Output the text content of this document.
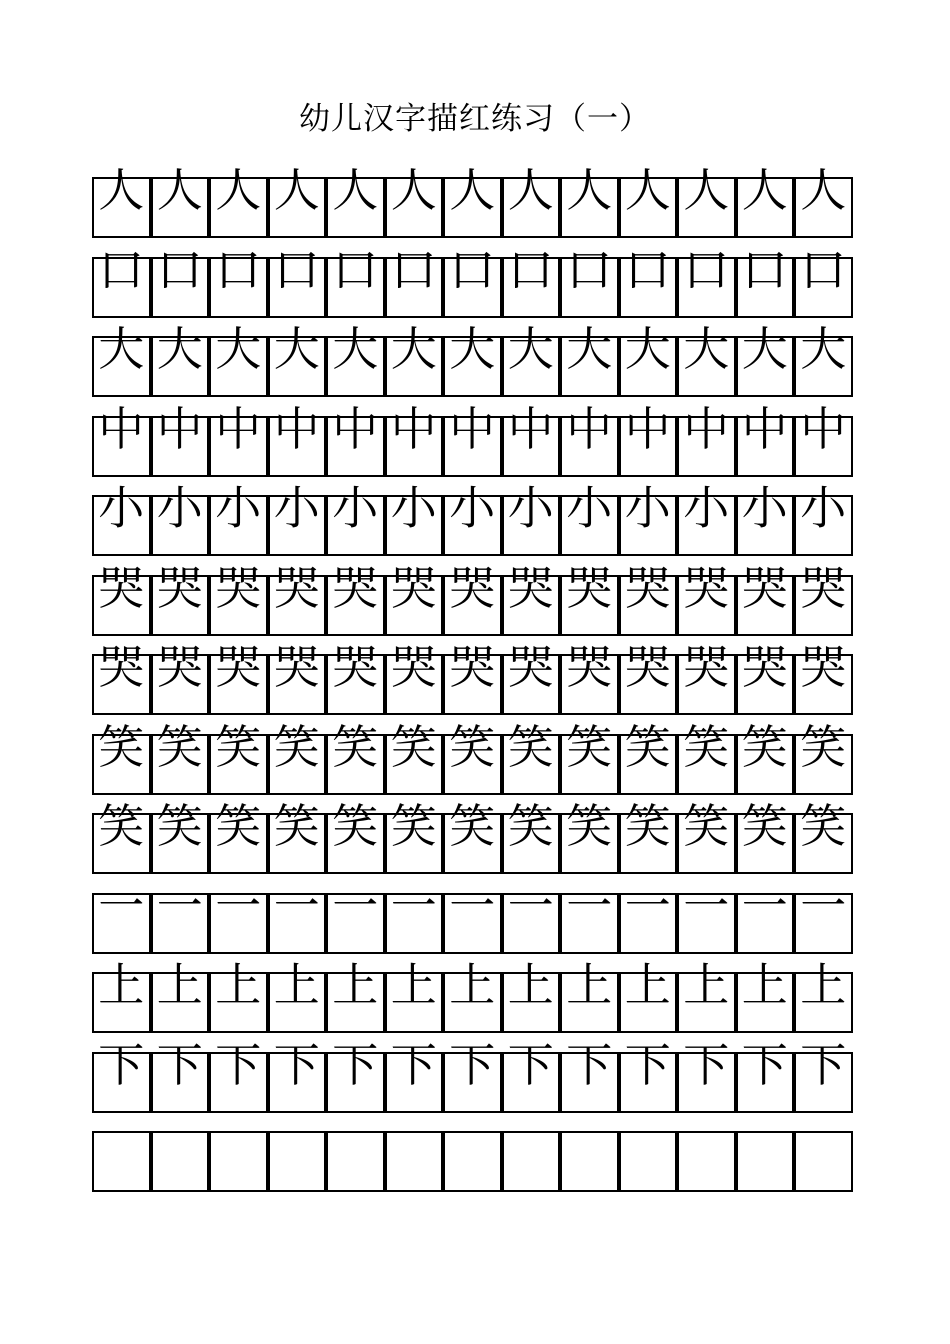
幼儿汉字描红练习（一）
人 人 人 人 人 人 人 人 人 人 人 人 人
口 口 口 口 口 口 口 口 口 口 口 口 口
大 大 大 大 大 大 大 大 大 大 大 大 大
中 中 中 中 中 中 中 中 中 中 中 中 中
小 小 小 小 小 小 小 小 小 小 小 小 小
哭 哭 哭 哭 哭 哭 哭 哭 哭 哭 哭 哭 哭
哭 哭 哭 哭 哭 哭 哭 哭 哭 哭 哭 哭 哭
笑 笑 笑 笑 笑 笑 笑 笑 笑 笑 笑 笑 笑
笑 笑 笑 笑 笑 笑 笑 笑 笑 笑 笑 笑 笑
一 一 一 一 一 一 一 一 一 一 一 一 一
上 上 上 上 上 上 上 上 上 上 上 上 上
下 下 下 下 下 下 下 下 下 下 下 下 下
